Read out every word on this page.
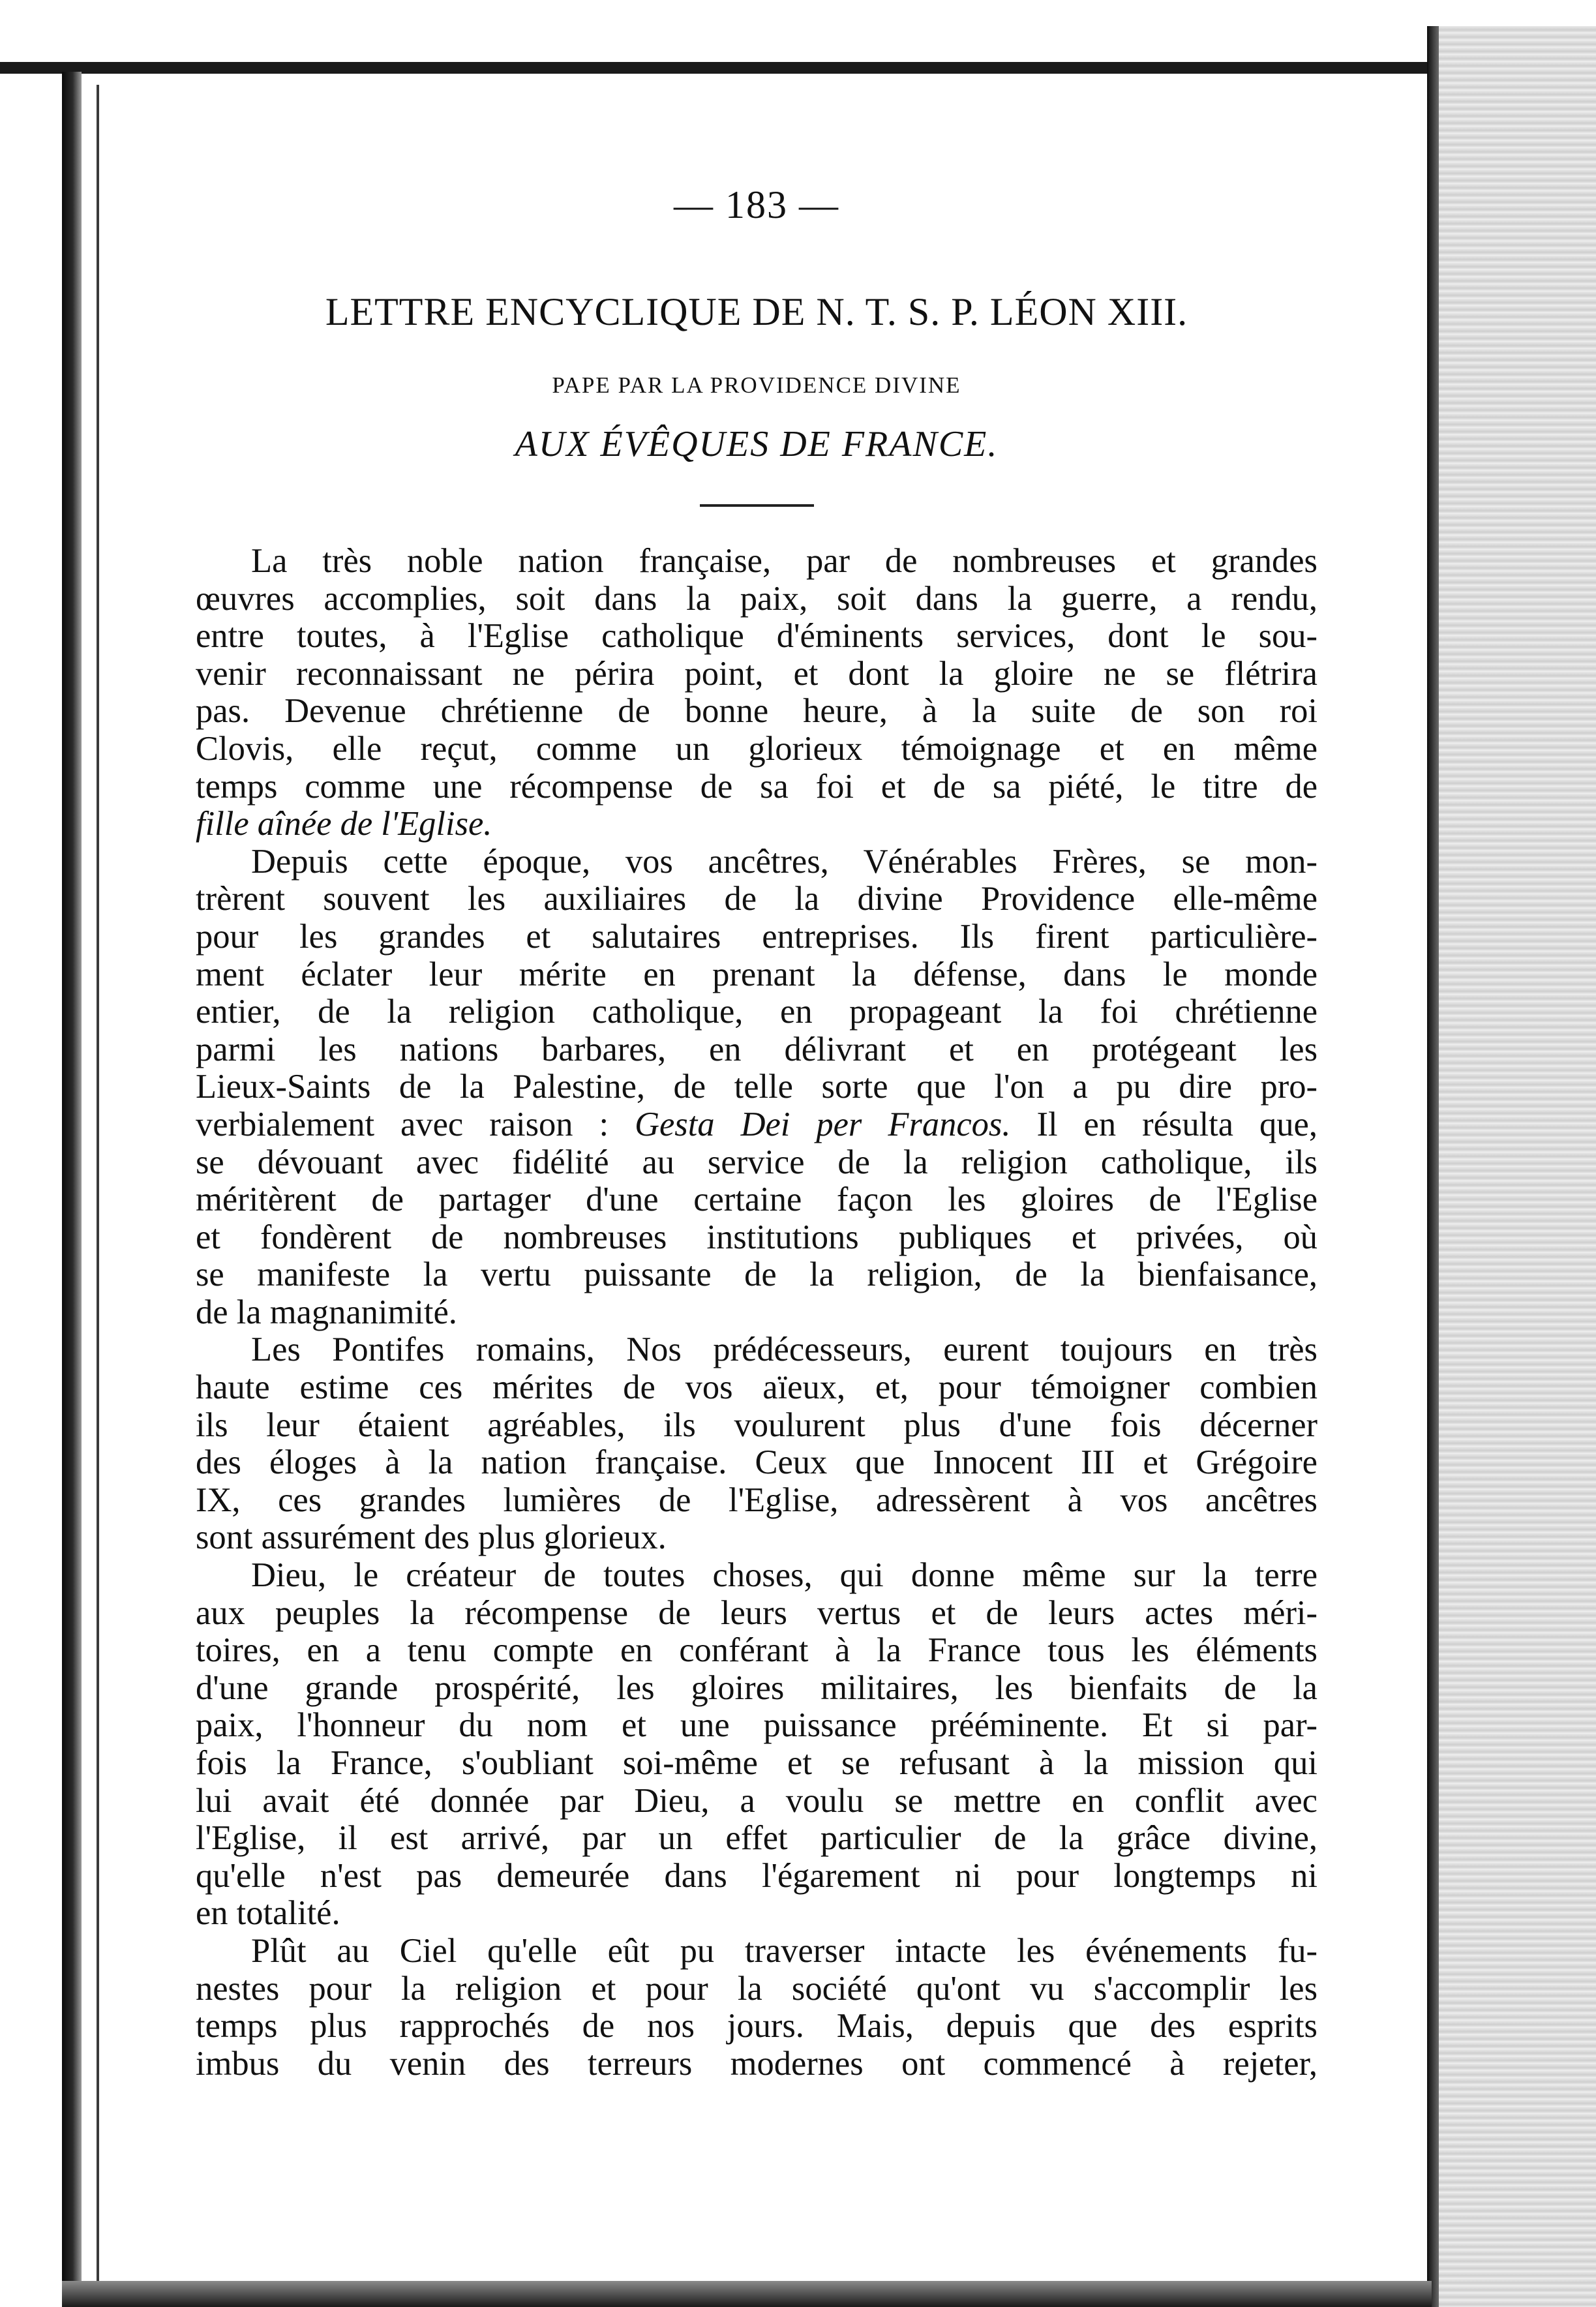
— 183 —
LETTRE ENCYCLIQUE DE N. T. S. P. LÉON XIII.
PAPE PAR LA PROVIDENCE DIVINE
AUX ÉVÊQUES DE FRANCE.
La très noble nation française, par de nombreuses et grandes
œuvres accomplies, soit dans la paix, soit dans la guerre, a rendu,
entre toutes, à l'Eglise catholique d'éminents services, dont le sou-
venir reconnaissant ne périra point, et dont la gloire ne se flétrira
pas. Devenue chrétienne de bonne heure, à la suite de son roi
Clovis, elle reçut, comme un glorieux témoignage et en même
temps comme une récompense de sa foi et de sa piété, le titre de
fille aînée de l'Eglise.
Depuis cette époque, vos ancêtres, Vénérables Frères, se mon-
trèrent souvent les auxiliaires de la divine Providence elle-même
pour les grandes et salutaires entreprises. Ils firent particulière-
ment éclater leur mérite en prenant la défense, dans le monde
entier, de la religion catholique, en propageant la foi chrétienne
parmi les nations barbares, en délivrant et en protégeant les
Lieux-Saints de la Palestine, de telle sorte que l'on a pu dire pro-
verbialement avec raison : Gesta Dei per Francos. Il en résulta que,
se dévouant avec fidélité au service de la religion catholique, ils
méritèrent de partager d'une certaine façon les gloires de l'Eglise
et fondèrent de nombreuses institutions publiques et privées, où
se manifeste la vertu puissante de la religion, de la bienfaisance,
de la magnanimité.
Les Pontifes romains, Nos prédécesseurs, eurent toujours en très
haute estime ces mérites de vos aïeux, et, pour témoigner combien
ils leur étaient agréables, ils voulurent plus d'une fois décerner
des éloges à la nation française. Ceux que Innocent III et Grégoire
IX, ces grandes lumières de l'Eglise, adressèrent à vos ancêtres
sont assurément des plus glorieux.
Dieu, le créateur de toutes choses, qui donne même sur la terre
aux peuples la récompense de leurs vertus et de leurs actes méri-
toires, en a tenu compte en conférant à la France tous les éléments
d'une grande prospérité, les gloires militaires, les bienfaits de la
paix, l'honneur du nom et une puissance prééminente. Et si par-
fois la France, s'oubliant soi-même et se refusant à la mission qui
lui avait été donnée par Dieu, a voulu se mettre en conflit avec
l'Eglise, il est arrivé, par un effet particulier de la grâce divine,
qu'elle n'est pas demeurée dans l'égarement ni pour longtemps ni
en totalité.
Plût au Ciel qu'elle eût pu traverser intacte les événements fu-
nestes pour la religion et pour la société qu'ont vu s'accomplir les
temps plus rapprochés de nos jours. Mais, depuis que des esprits
imbus du venin des terreurs modernes ont commencé à rejeter,
